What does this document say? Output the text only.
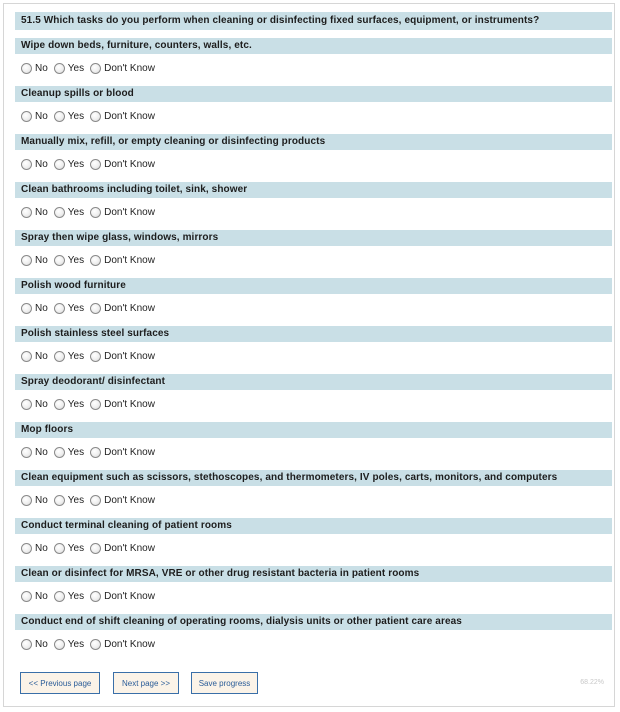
51.5 Which tasks do you perform when cleaning or disinfecting fixed surfaces, equipment, or instruments?
Wipe down beds, furniture, counters, walls, etc.
No Yes Don't Know
Cleanup spills or blood
No Yes Don't Know
Manually mix, refill, or empty cleaning or disinfecting products
No Yes Don't Know
Clean bathrooms including toilet, sink, shower
No Yes Don't Know
Spray then wipe glass, windows, mirrors
No Yes Don't Know
Polish wood furniture
No Yes Don't Know
Polish stainless steel surfaces
No Yes Don't Know
Spray deodorant/ disinfectant
No Yes Don't Know
Mop floors
No Yes Don't Know
Clean equipment such as scissors, stethoscopes, and thermometers, IV poles, carts, monitors, and computers
No Yes Don't Know
Conduct terminal cleaning of patient rooms
No Yes Don't Know
Clean or disinfect for MRSA, VRE or other drug resistant bacteria in patient rooms
No Yes Don't Know
Conduct end of shift cleaning of operating rooms, dialysis units or other patient care areas
No Yes Don't Know
<< Previous page	Next page >>	Save progress	68.22%
